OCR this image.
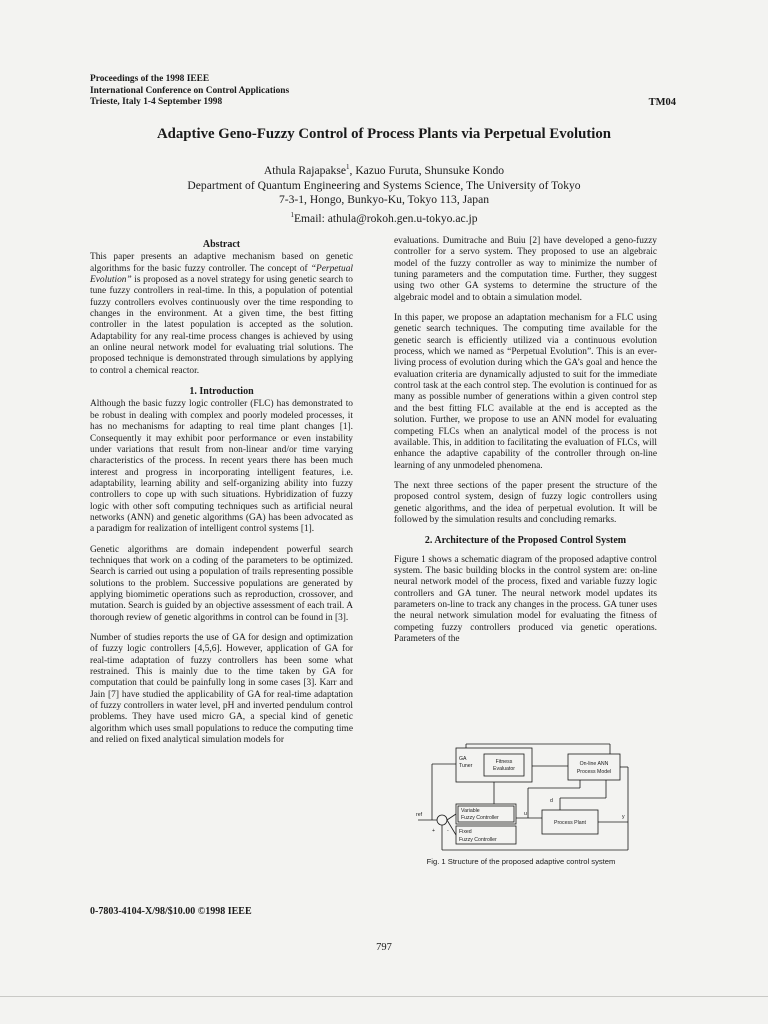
Proceedings of the 1998 IEEE
International Conference on Control Applications
Trieste, Italy 1-4 September 1998	TM04
Adaptive Geno-Fuzzy Control of Process Plants via Perpetual Evolution
Athula Rajapakse$^1$, Kazuo Furuta, Shunsuke Kondo
Department of Quantum Engineering and Systems Science, The University of Tokyo
7-3-1, Hongo, Bunkyo-Ku, Tokyo 113, Japan
$^1$Email: athula@rokoh.gen.u-tokyo.ac.jp
Abstract

This paper presents an adaptive mechanism based on genetic algorithms for the basic fuzzy controller. The concept of “Perpetual Evolution” is proposed as a novel strategy for using genetic search to tune fuzzy controllers in real-time. In this, a population of potential fuzzy controllers evolves continuously over the time responding to changes in the environment. At a given time, the best fitting controller in the latest population is accepted as the solution. Adaptability for any real-time process changes is achieved by using an online neural network model for evaluating trial solutions. The proposed technique is demonstrated through simulations by applying to control a chemical reactor.

1. Introduction

Although the basic fuzzy logic controller (FLC) has demonstrated to be robust in dealing with complex and poorly modeled processes, it has no mechanisms for adapting to real time plant changes [1]. Consequently it may exhibit poor performance or even instability under variations that result from non-linear and/or time varying characteristics of the process. In recent years there has been much interest and progress in incorporating intelligent features, i.e. adaptability, learning ability and self-organizing ability into fuzzy controllers to cope up with such situations. Hybridization of fuzzy logic with other soft computing techniques such as artificial neural networks (ANN) and genetic algorithms (GA) has been advocated as a paradigm for realization of intelligent control systems [1].

Genetic algorithms are domain independent powerful search techniques that work on a coding of the parameters to be optimized. Search is carried out using a population of trails representing possible solutions to the problem. Successive populations are generated by applying biomimetic operations such as reproduction, crossover, and mutation. Search is guided by an objective assessment of each trail. A thorough review of genetic algorithms in control can be found in [3].

Number of studies reports the use of GA for design and optimization of fuzzy logic controllers [4,5,6]. However, application of GA for real-time adaptation of fuzzy controllers has been some what restrained. This is mainly due to the time taken by GA for computation that could be painfully long in some cases [3]. Karr and Jain [7] have studied the applicability of GA for real-time adaptation of fuzzy controllers in water level, pH and inverted pendulum control problems. They have used micro GA, a special kind of genetic algorithm which uses small populations to reduce the computing time and relied on fixed analytical simulation models for

evaluations. Dumitrache and Buiu [2] have developed a geno-fuzzy controller for a servo system. They proposed to use an algebraic model of the fuzzy controller as way to minimize the number of tuning parameters and the computation time. Further, they suggest using two other GA systems to determine the structure of the algebraic model and to obtain a simulation model.

In this paper, we propose an adaptation mechanism for a FLC using genetic search techniques. The computing time available for the genetic search is efficiently utilized via a continuous evolution process, which we named as “Perpetual Evolution”. This is an ever-living process of evolution during which the GA’s goal and hence the evaluation criteria are dynamically adjusted to suit for the immediate control task at the each control step. The evolution is continued for as many as possible number of generations within a given control step and the best fitting FLC available at the end is accepted as the solution. Further, we propose to use an ANN model for evaluating competing FLCs when an analytical model of the process is not available. This, in addition to facilitating the evaluation of FLCs, will enhance the adaptive capability of the controller through on-line learning of any unmodeled phenomena.

The next three sections of the paper present the structure of the proposed control system, design of fuzzy logic controllers using genetic algorithms, and the idea of perpetual evolution. It will be followed by the simulation results and concluding remarks.

2. Architecture of the Proposed Control System

Figure 1 shows a schematic diagram of the proposed adaptive control system. The basic building blocks in the control system are: on-line neural network model of the process, fixed and variable fuzzy logic controllers and GA tuner. The neural network model updates its parameters on-line to track any changes in the process. GA tuner uses the neural network simulation model for evaluating the fitness of competing fuzzy controllers produced via genetic operations. Parameters of the

GA
Tuner
Fitness
Evaluator
On-line ANN
Process Model
Variable
Fuzzy Controller
Fixed
Fuzzy Controller
Process Plant
ref
+ -
u
d
y
Fig. 1 Structure of the proposed adaptive control system
0-7803-4104-X/98/$10.00 ©1998 IEEE
797
